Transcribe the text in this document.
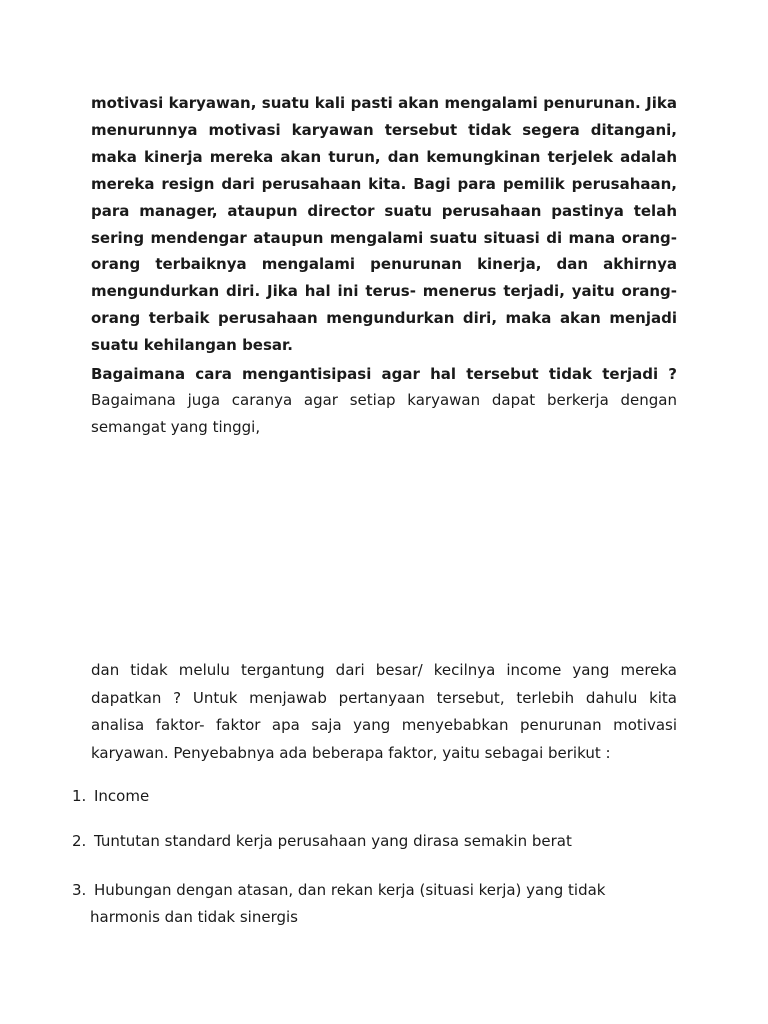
motivasi karyawan, suatu kali pasti akan mengalami penurunan. Jika menurunnya motivasi karyawan tersebut tidak segera ditangani, maka kinerja mereka akan turun, dan kemungkinan terjelek adalah mereka resign dari perusahaan kita. Bagi para pemilik perusahaan, para manager, ataupun director suatu perusahaan pastinya telah sering mendengar ataupun mengalami suatu situasi di mana orang-orang terbaiknya mengalami penurunan kinerja, dan akhirnya mengundurkan diri. Jika hal ini terus- menerus terjadi, yaitu orang-orang terbaik perusahaan mengundurkan diri, maka akan menjadi suatu kehilangan besar.

Bagaimana cara mengantisipasi agar hal tersebut tidak terjadi ?

Bagaimana juga caranya agar setiap karyawan dapat berkerja dengan semangat yang tinggi,

dan tidak melulu tergantung dari besar/ kecilnya income yang mereka dapatkan ? Untuk menjawab pertanyaan tersebut, terlebih dahulu kita analisa faktor- faktor apa saja yang menyebabkan penurunan motivasi karyawan. Penyebabnya ada beberapa faktor, yaitu sebagai berikut :

1. Income

2. Tuntutan standard kerja perusahaan yang dirasa semakin berat

3. Hubungan dengan atasan, dan rekan kerja (situasi kerja) yang tidak
harmonis dan tidak sinergis
